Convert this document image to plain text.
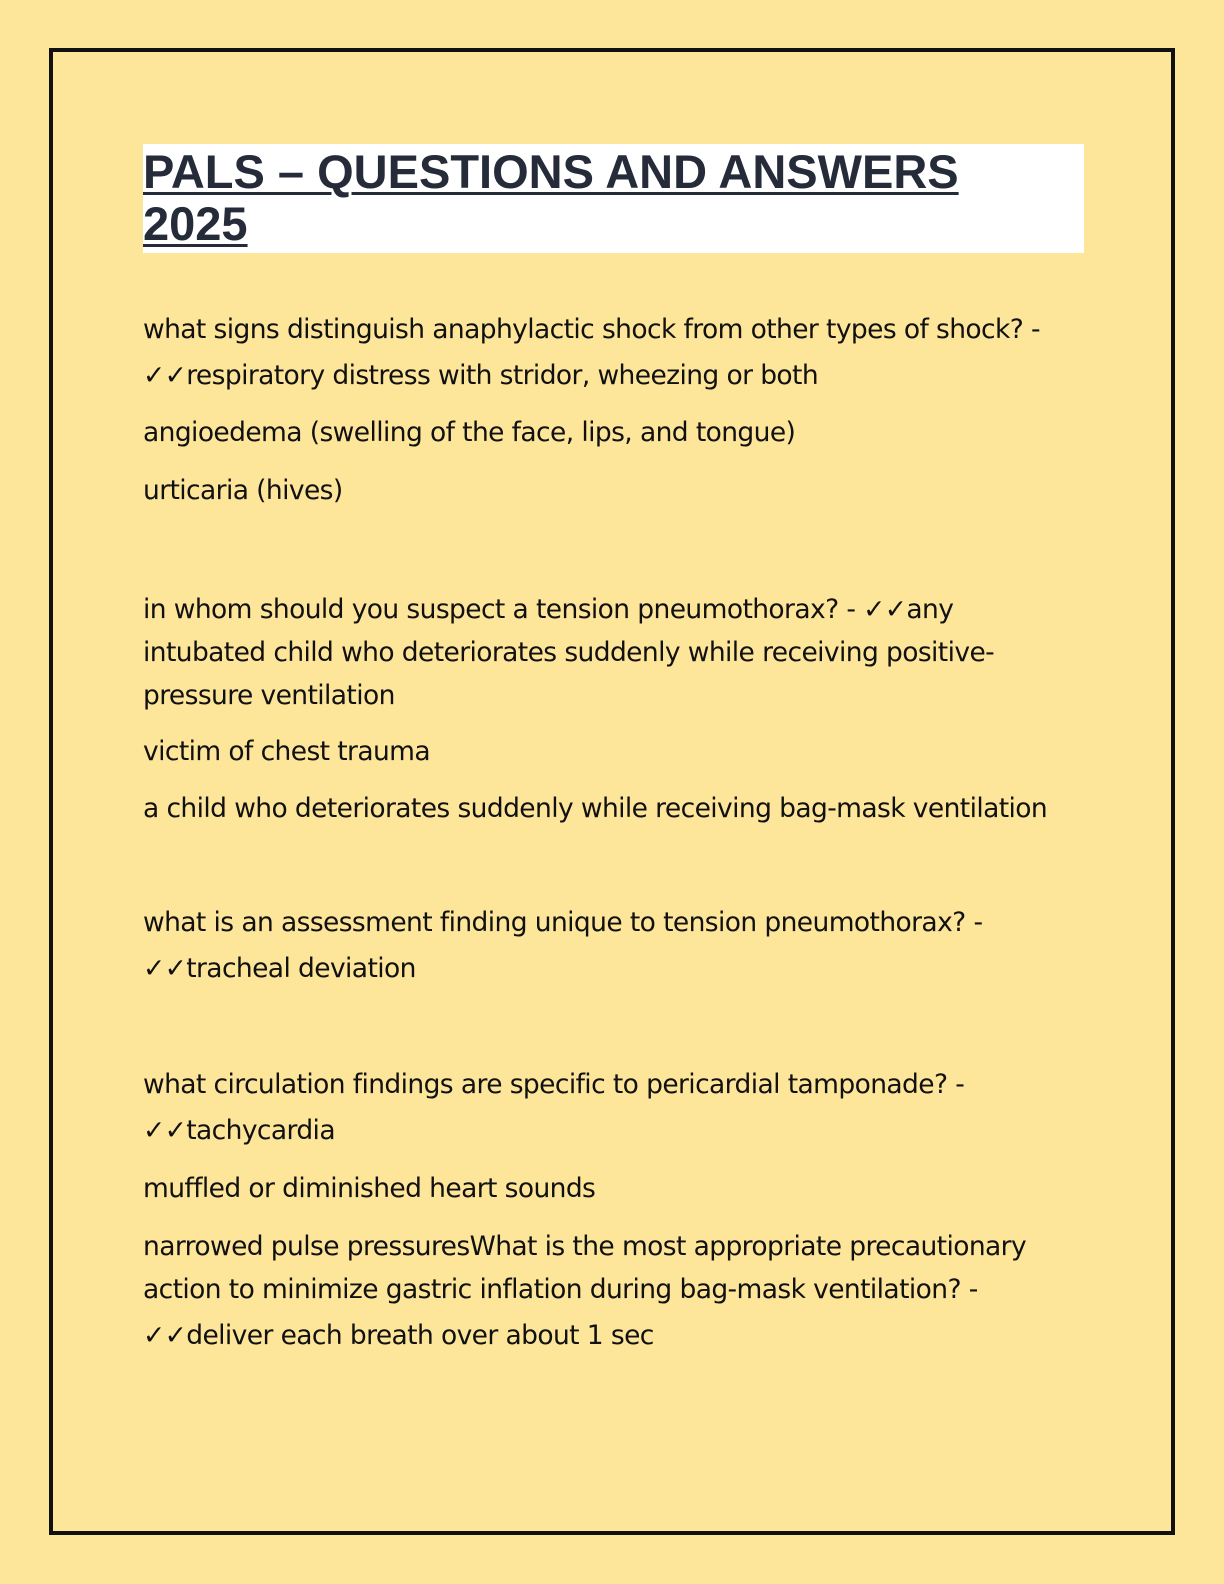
PALS – QUESTIONS AND ANSWERS
2025

what signs distinguish anaphylactic shock from other types of shock? -
✓✓respiratory distress with stridor, wheezing or both

angioedema (swelling of the face, lips, and tongue)

urticaria (hives)

in whom should you suspect a tension pneumothorax? - ✓✓any
intubated child who deteriorates suddenly while receiving positive-
pressure ventilation

victim of chest trauma

a child who deteriorates suddenly while receiving bag-mask ventilation

what is an assessment finding unique to tension pneumothorax? -
✓✓tracheal deviation

what circulation findings are specific to pericardial tamponade? -
✓✓tachycardia

muffled or diminished heart sounds

narrowed pulse pressuresWhat is the most appropriate precautionary
action to minimize gastric inflation during bag-mask ventilation? -
✓✓deliver each breath over about 1 sec
